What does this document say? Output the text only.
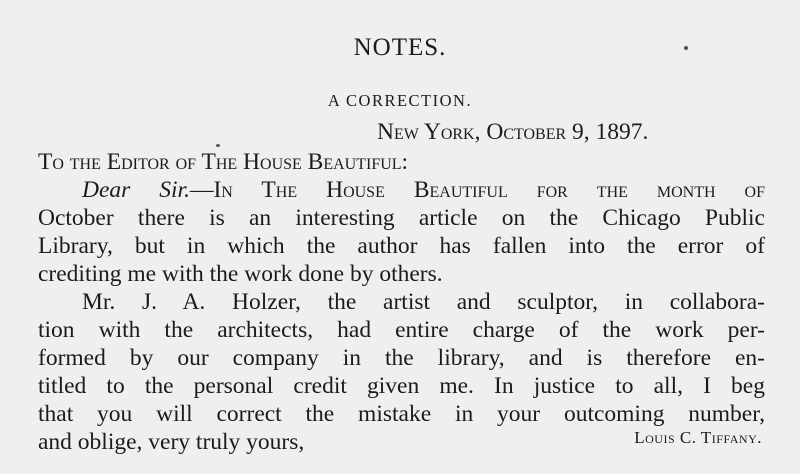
NOTES.
A CORRECTION.
New York, October 9, 1897.
To the Editor of The House Beautiful:
Dear Sir.—In The House Beautiful for the month of
October there is an interesting article on the Chicago Public
Library, but in which the author has fallen into the error of
crediting me with the work done by others.
Mr. J. A. Holzer, the artist and sculptor, in collabora-
tion with the architects, had entire charge of the work per-
formed by our company in the library, and is therefore en-
titled to the personal credit given me. In justice to all, I beg
that you will correct the mistake in your outcoming number,
and oblige, very truly yours,	Louis C. Tiffany.
